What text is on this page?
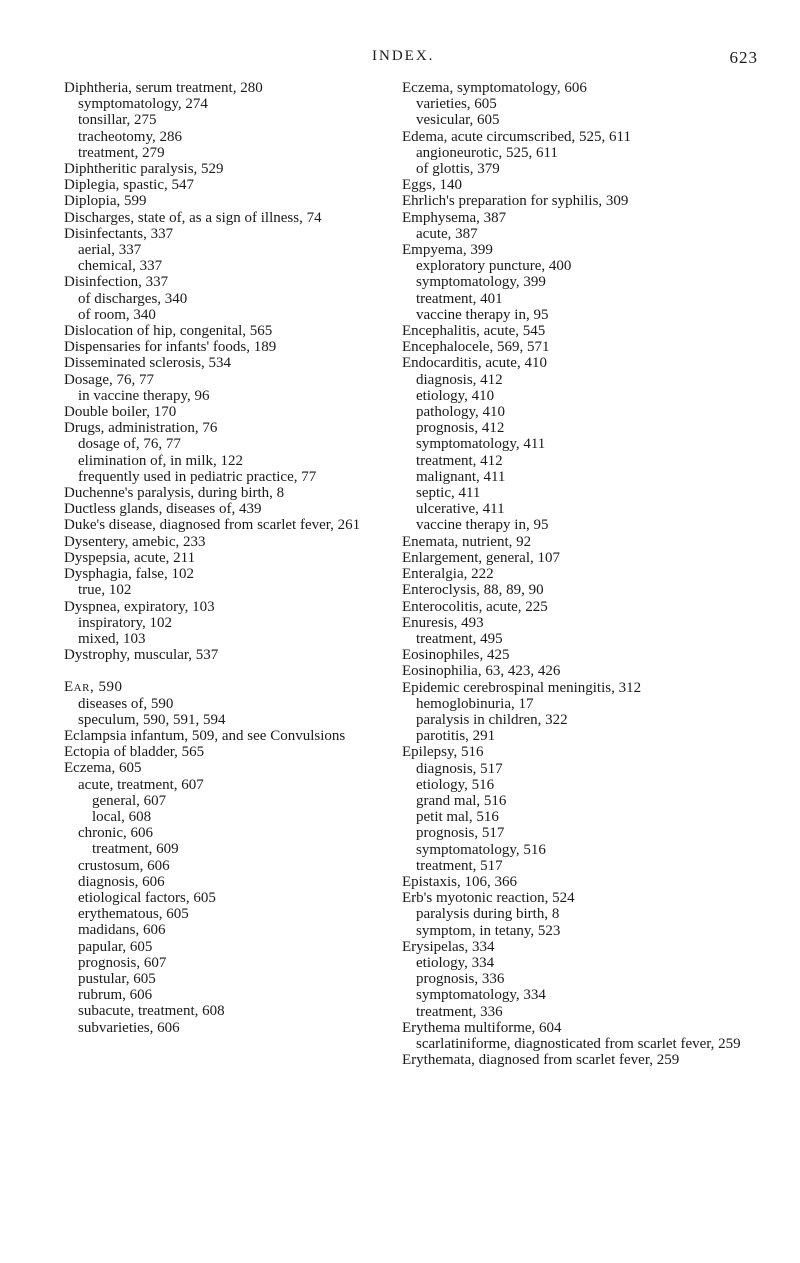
INDEX.	623

Diphtheria, serum treatment, 280

symptomatology, 274

tonsillar, 275

tracheotomy, 286

treatment, 279

Diphtheritic paralysis, 529

Diplegia, spastic, 547

Diplopia, 599

Discharges, state of, as a sign of illness, 74

Disinfectants, 337

aerial, 337

chemical, 337

Disinfection, 337

of discharges, 340

of room, 340

Dislocation of hip, congenital, 565

Dispensaries for infants' foods, 189

Disseminated sclerosis, 534

Dosage, 76, 77

in vaccine therapy, 96

Double boiler, 170

Drugs, administration, 76

dosage of, 76, 77

elimination of, in milk, 122

frequently used in pediatric practice, 77

Duchenne's paralysis, during birth, 8

Ductless glands, diseases of, 439

Duke's disease, diagnosed from scarlet fever, 261

Dysentery, amebic, 233

Dyspepsia, acute, 211

Dysphagia, false, 102

true, 102

Dyspnea, expiratory, 103

inspiratory, 102

mixed, 103

Dystrophy, muscular, 537

Ear, 590

diseases of, 590

speculum, 590, 591, 594

Eclampsia infantum, 509, and see Convulsions

Ectopia of bladder, 565

Eczema, 605

acute, treatment, 607

general, 607

local, 608

chronic, 606

treatment, 609

crustosum, 606

diagnosis, 606

etiological factors, 605

erythematous, 605

madidans, 606

papular, 605

prognosis, 607

pustular, 605

rubrum, 606

subacute, treatment, 608

subvarieties, 606

Eczema, symptomatology, 606

varieties, 605

vesicular, 605

Edema, acute circumscribed, 525, 611

angioneurotic, 525, 611

of glottis, 379

Eggs, 140

Ehrlich's preparation for syphilis, 309

Emphysema, 387

acute, 387

Empyema, 399

exploratory puncture, 400

symptomatology, 399

treatment, 401

vaccine therapy in, 95

Encephalitis, acute, 545

Encephalocele, 569, 571

Endocarditis, acute, 410

diagnosis, 412

etiology, 410

pathology, 410

prognosis, 412

symptomatology, 411

treatment, 412

malignant, 411

septic, 411

ulcerative, 411

vaccine therapy in, 95

Enemata, nutrient, 92

Enlargement, general, 107

Enteralgia, 222

Enteroclysis, 88, 89, 90

Enterocolitis, acute, 225

Enuresis, 493

treatment, 495

Eosinophiles, 425

Eosinophilia, 63, 423, 426

Epidemic cerebrospinal meningitis, 312

hemoglobinuria, 17

paralysis in children, 322

parotitis, 291

Epilepsy, 516

diagnosis, 517

etiology, 516

grand mal, 516

petit mal, 516

prognosis, 517

symptomatology, 516

treatment, 517

Epistaxis, 106, 366

Erb's myotonic reaction, 524

paralysis during birth, 8

symptom, in tetany, 523

Erysipelas, 334

etiology, 334

prognosis, 336

symptomatology, 334

treatment, 336

Erythema multiforme, 604

scarlatiniforme, diagnosticated from scarlet fever, 259

Erythemata, diagnosed from scarlet fever, 259
